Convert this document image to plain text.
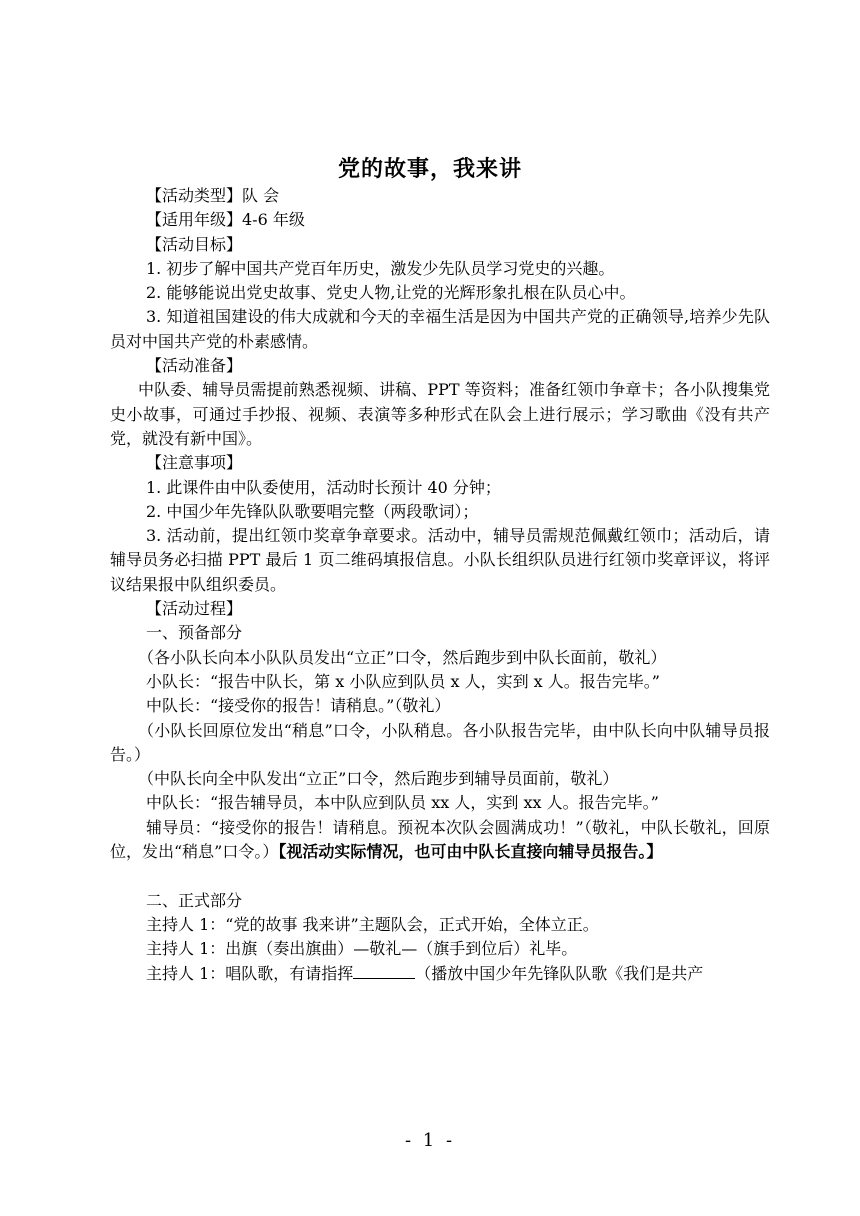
党的故事，我来讲

【活动类型】队 会

【适用年级】4-6 年级

【活动目标】

1. 初步了解中国共产党百年历史，激发少先队员学习党史的兴趣。

2. 能够能说出党史故事、党史人物,让党的光辉形象扎根在队员心中。

3. 知道祖国建设的伟大成就和今天的幸福生活是因为中国共产党的正确领导,培养少先队员对中国共产党的朴素感情。

【活动准备】

中队委、辅导员需提前熟悉视频、讲稿、PPT 等资料；准备红领巾争章卡；各小队搜集党史小故事，可通过手抄报、视频、表演等多种形式在队会上进行展示；学习歌曲《没有共产党，就没有新中国》。

【注意事项】

1. 此课件由中队委使用，活动时长预计 40 分钟；

2. 中国少年先锋队队歌要唱完整（两段歌词）；

3. 活动前，提出红领巾奖章争章要求。活动中，辅导员需规范佩戴红领巾；活动后，请辅导员务必扫描 PPT 最后 1 页二维码填报信息。小队长组织队员进行红领巾奖章评议，将评议结果报中队组织委员。

【活动过程】

一、预备部分

（各小队长向本小队队员发出“立正”口令，然后跑步到中队长面前，敬礼）

小队长：“报告中队长，第 x 小队应到队员 x 人，实到 x 人。报告完毕。”

中队长：“接受你的报告！请稍息。”（敬礼）

（小队长回原位发出“稍息”口令，小队稍息。各小队报告完毕，由中队长向中队辅导员报告。）

（中队长向全中队发出“立正”口令，然后跑步到辅导员面前，敬礼）

中队长：“报告辅导员，本中队应到队员 xx 人，实到 xx 人。报告完毕。”

辅导员：“接受你的报告！请稍息。预祝本次队会圆满成功！”（敬礼，中队长敬礼，回原位，发出“稍息”口令。）【视活动实际情况，也可由中队长直接向辅导员报告。】

二、正式部分

主持人 1：“党的故事 我来讲”主题队会，正式开始，全体立正。

主持人 1：出旗（奏出旗曲）—敬礼—（旗手到位后）礼毕。

主持人 1：唱队歌，有请指挥	（播放中国少年先锋队队歌《我们是共产

- 1 -
